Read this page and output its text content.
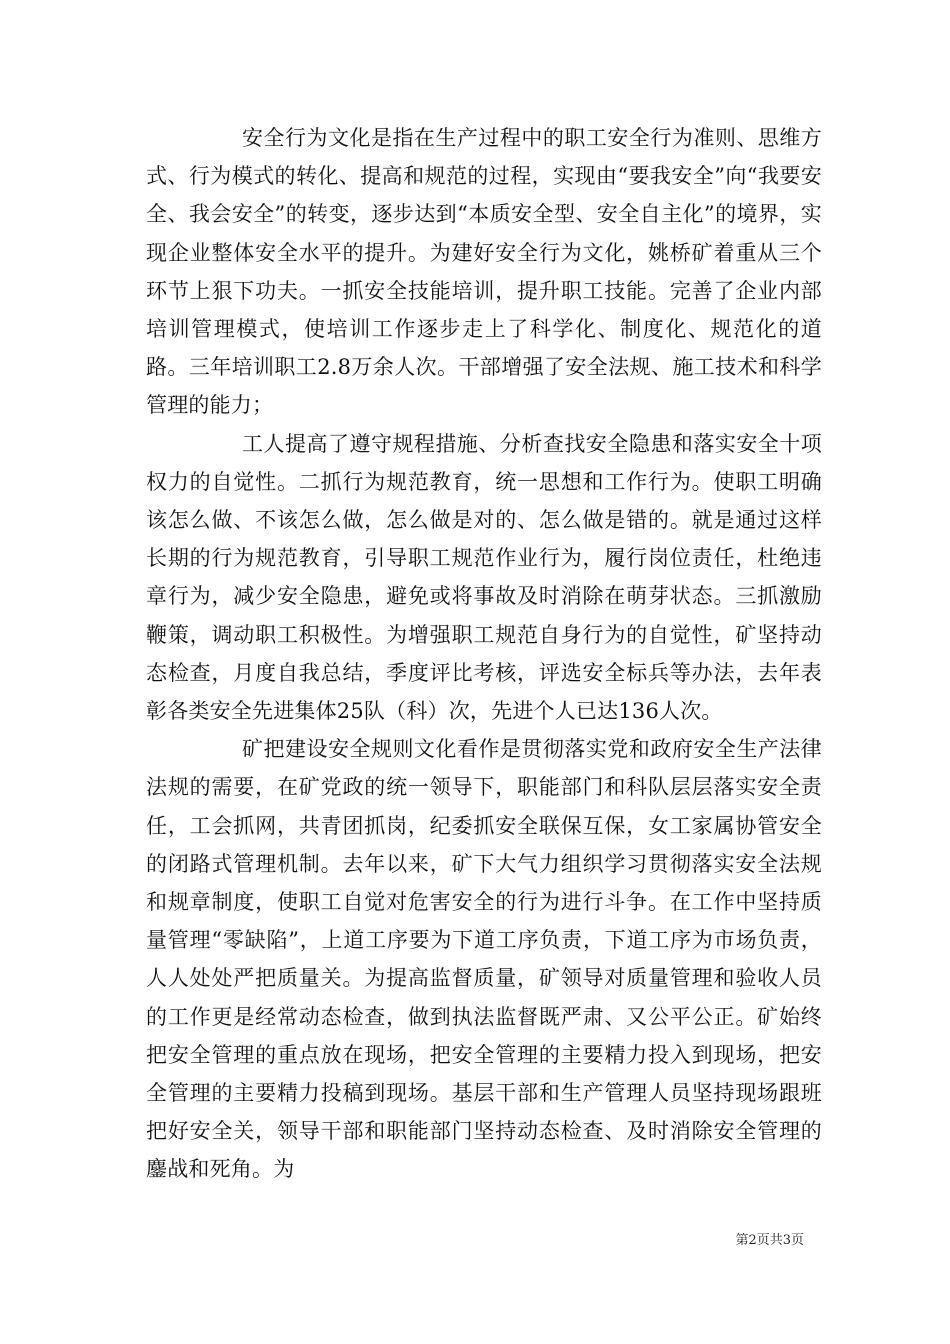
安全行为文化是指在生产过程中的职工安全行为准则、思维方式、行为模式的转化、提高和规范的过程，实现由“要我安全”向“我要安全、我会安全”的转变，逐步达到“本质安全型、安全自主化”的境界，实现企业整体安全水平的提升。为建好安全行为文化，姚桥矿着重从三个环节上狠下功夫。一抓安全技能培训，提升职工技能。完善了企业内部培训管理模式，使培训工作逐步走上了科学化、制度化、规范化的道路。三年培训职工2.8万余人次。干部增强了安全法规、施工技术和科学管理的能力；

工人提高了遵守规程措施、分析查找安全隐患和落实安全十项权力的自觉性。二抓行为规范教育，统一思想和工作行为。使职工明确该怎么做、不该怎么做，怎么做是对的、怎么做是错的。就是通过这样长期的行为规范教育，引导职工规范作业行为，履行岗位责任，杜绝违章行为，减少安全隐患，避免或将事故及时消除在萌芽状态。三抓激励鞭策，调动职工积极性。为增强职工规范自身行为的自觉性，矿坚持动态检查，月度自我总结，季度评比考核，评选安全标兵等办法，去年表彰各类安全先进集体25队（科）次，先进个人已达136人次。

矿把建设安全规则文化看作是贯彻落实党和政府安全生产法律法规的需要，在矿党政的统一领导下，职能部门和科队层层落实安全责任，工会抓网，共青团抓岗，纪委抓安全联保互保，女工家属协管安全的闭路式管理机制。去年以来，矿下大气力组织学习贯彻落实安全法规和规章制度，使职工自觉对危害安全的行为进行斗争。在工作中坚持质量管理“零缺陷”，上道工序要为下道工序负责，下道工序为市场负责，人人处处严把质量关。为提高监督质量，矿领导对质量管理和验收人员的工作更是经常动态检查，做到执法监督既严肃、又公平公正。矿始终把安全管理的重点放在现场，把安全管理的主要精力投入到现场，把安全管理的主要精力投稿到现场。基层干部和生产管理人员坚持现场跟班把好安全关，领导干部和职能部门坚持动态检查、及时消除安全管理的鏖战和死角。为

第2页共3页
